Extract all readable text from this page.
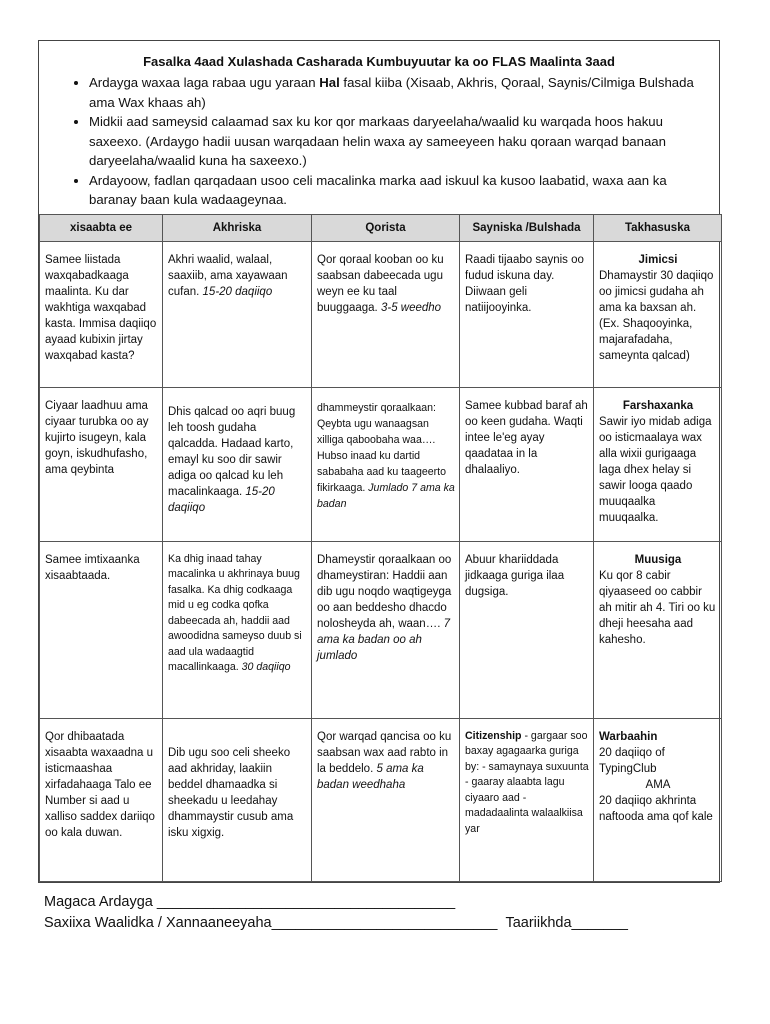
Fasalka 4aad Xulashada Casharada Kumbuyuutar ka oo FLAS Maalinta 3aad
• Ardayga waxaa laga rabaa ugu yaraan Hal fasal kiiba (Xisaab, Akhris, Qoraal, Saynis/Cilmiga Bulshada ama Wax khaas ah)
• Midkii aad sameysid calaamad sax ku kor qor markaas daryeelaha/waalid ku warqada hoos hakuu saxeexo. (Ardaygo hadii uusan warqadaan helin waxa ay sameeyeen haku qoraan warqad banaan daryeelaha/waalid kuna ha saxeexo.)
• Ardayoow, fadlan qarqadaan usoo celi macalinka marka aad iskuul ka kusoo laabatid, waxa aan ka baranay baan kula wadaageynaa.
xisaabta ee	Akhriska	Qorista	Sayniska /Bulshada	Takhasuska
Samee liistada waxqabadkaaga maalinta. Ku dar wakhtiga waxqabad kasta. Immisa daqiiqo ayaad kubixin jirtay waxqabad kasta?	Akhri waalid, walaal, saaxiib, ama xayawaan cufan. 15-20 daqiiqo	Qor qoraal kooban oo ku saabsan dabeecada ugu weyn ee ku taal buuggaaga. 3-5 weedho	Raadi tijaabo saynis oo fudud iskuna day. Diiwaan geli natiijooyinka.	Jimicsi
Dhamaystir 30 daqiiqo oo jimicsi gudaha ah ama ka baxsan ah. (Ex. Shaqooyinka, majarafadaha, sameynta qalcad)
Ciyaar laadhuu ama ciyaar turubka oo ay kujirto isugeyn, kala goyn, iskudhufasho, ama qeybinta	Dhis qalcad oo aqri buug leh toosh gudaha qalcadda. Hadaad karto, emayl ku soo dir sawir adiga oo qalcad ku leh macalinkaaga. 15-20 daqiiqo	dhammeystir qoraalkaan: Qeybta ugu wanaagsan xilliga qaboobaha waa…. Hubso inaad ku dartid sababaha aad ku taageerto fikirkaaga. Jumlado 7 ama ka badan	Samee kubbad baraf ah oo keen gudaha. Waqti intee le'eg ayay qaadataa in la dhalaaliyo.	Farshaxanka
Sawir iyo midab adiga oo isticmaalaya wax alla wixii gurigaaga laga dhex helay si sawir looga qaado muuqaalka muuqaalka.
Samee imtixaanka xisaabtaada.	Ka dhig inaad tahay macalinka u akhrinaya buug fasalka. Ka dhig codkaaga mid u eg codka qofka dabeecada ah, haddii aad awoodidna sameyso duub si aad ula wadaagtid macallinkaaga. 30 daqiiqo	Dhameystir qoraalkaan oo dhameystiran: Haddii aan dib ugu noqdo waqtigeyga oo aan beddesho dhacdo nolosheyda ah, waan…. 7 ama ka badan oo ah jumlado	Abuur khariiddada jidkaaga guriga ilaa dugsiga.	Muusiga
Ku qor 8 cabir qiyaaseed oo cabbir ah mitir ah 4. Tiri oo ku dheji heesaha aad kahesho.
Qor dhibaatada xisaabta waxaadna u isticmaashaa xirfadahaaga Talo ee Number si aad u xalliso saddex dariiqo oo kala duwan.	Dib ugu soo celi sheeko aad akhriday, laakiin beddel dhamaadka si sheekadu u leedahay dhammaystir cusub ama isku xigxig.	Qor warqad qancisa oo ku saabsan wax aad rabto in la beddelo. 5 ama ka badan weedhaha	Citizenship - gargaar soo baxay agagaarka guriga by: - samaynaya suxuunta - gaaray alaabta lagu ciyaaro aad - madadaalinta walaalkiisa yar	Warbaahin
20 daqiiqo of TypingClub
AMA
20 daqiiqo akhrinta naftooda ama qof kale
Magaca Ardayga _____________________________________
Saxiixa Waalidka / Xannaaneeyaha____________________________ Taariikhda_______
